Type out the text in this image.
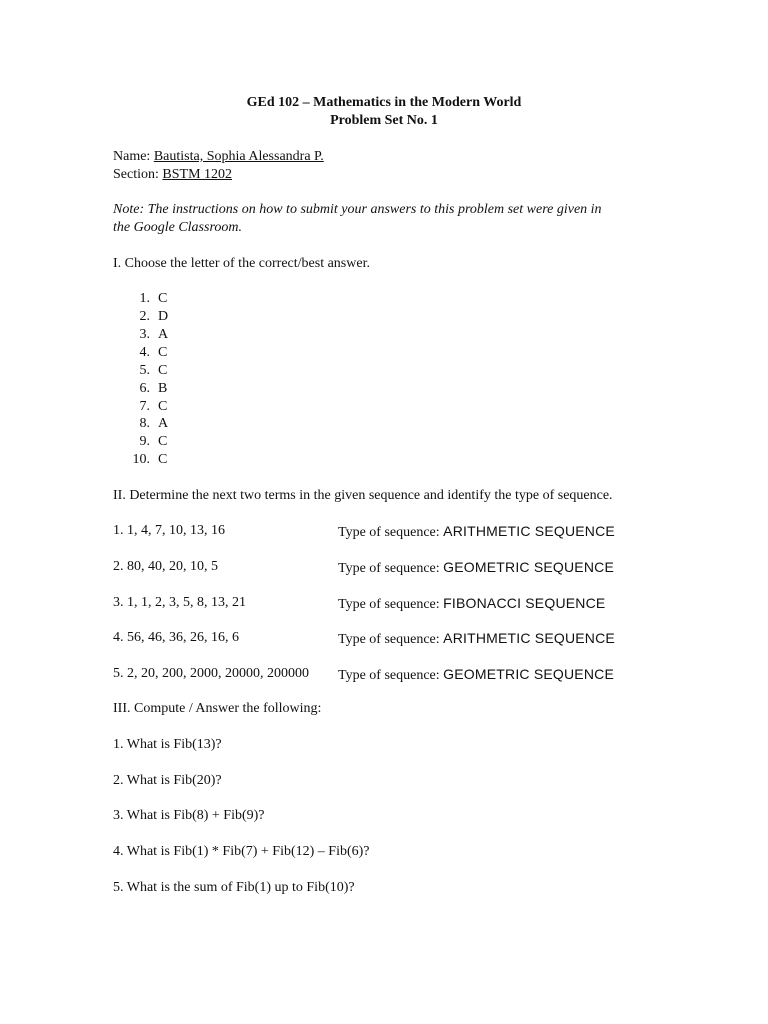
GEd 102 – Mathematics in the Modern World
Problem Set No. 1
Name: Bautista, Sophia Alessandra P.
Section: BSTM 1202
Note: The instructions on how to submit your answers to this problem set were given in
the Google Classroom.
I. Choose the letter of the correct/best answer.
1. C
2. D
3. A
4. C
5. C
6. B
7. C
8. A
9. C
10. C
II. Determine the next two terms in the given sequence and identify the type of sequence.
1. 1, 4, 7, 10, 13, 16	Type of sequence: ARITHMETIC SEQUENCE
2. 80, 40, 20, 10, 5	Type of sequence: GEOMETRIC SEQUENCE
3. 1, 1, 2, 3, 5, 8, 13, 21	Type of sequence: FIBONACCI SEQUENCE
4. 56, 46, 36, 26, 16, 6	Type of sequence: ARITHMETIC SEQUENCE
5. 2, 20, 200, 2000, 20000, 200000 Type of sequence: GEOMETRIC SEQUENCE
III. Compute / Answer the following:
1. What is Fib(13)?
2. What is Fib(20)?
3. What is Fib(8) + Fib(9)?
4. What is Fib(1) * Fib(7) + Fib(12) – Fib(6)?
5. What is the sum of Fib(1) up to Fib(10)?
